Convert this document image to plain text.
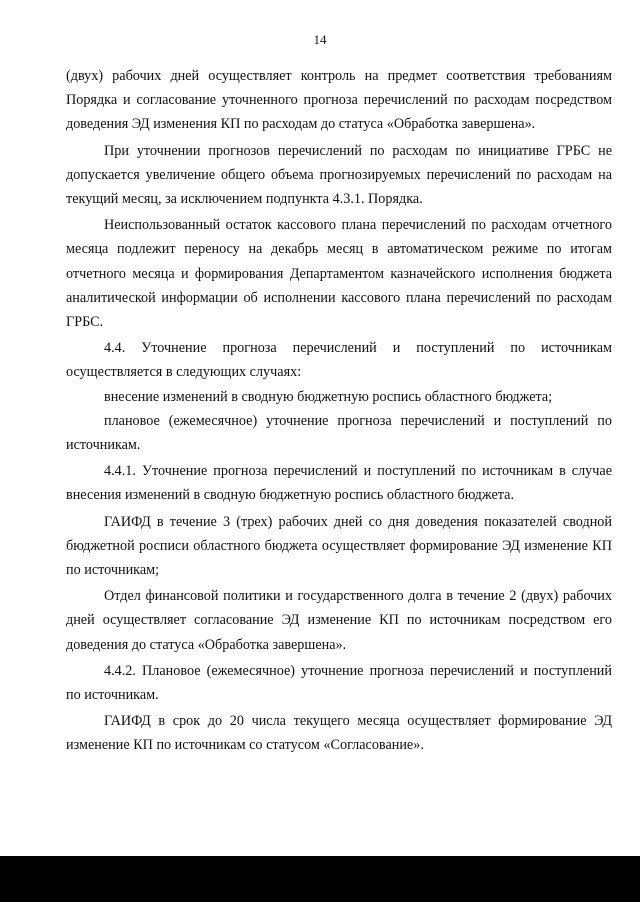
14

(двух) рабочих дней осуществляет контроль на предмет соответствия требованиям Порядка и согласование уточненного прогноза перечислений по расходам посредством доведения ЭД изменения КП по расходам до статуса «Обработка завершена».

При уточнении прогнозов перечислений по расходам по инициативе ГРБС не допускается увеличение общего объема прогнозируемых перечислений по расходам на текущий месяц, за исключением подпункта 4.3.1. Порядка.

Неиспользованный остаток кассового плана перечислений по расходам отчетного месяца подлежит переносу на декабрь месяц в автоматическом режиме по итогам отчетного месяца и формирования Департаментом казначейского исполнения бюджета аналитической информации об исполнении кассового плана перечислений по расходам ГРБС.

4.4. Уточнение прогноза перечислений и поступлений по источникам осуществляется в следующих случаях:

внесение изменений в сводную бюджетную роспись областного бюджета;

плановое (ежемесячное) уточнение прогноза перечислений и поступлений по источникам.

4.4.1. Уточнение прогноза перечислений и поступлений по источникам в случае внесения изменений в сводную бюджетную роспись областного бюджета.

ГАИФД в течение 3 (трех) рабочих дней со дня доведения показателей сводной бюджетной росписи областного бюджета осуществляет формирование ЭД изменение КП по источникам;

Отдел финансовой политики и государственного долга в течение 2 (двух) рабочих дней осуществляет согласование ЭД изменение КП по источникам посредством его доведения до статуса «Обработка завершена».

4.4.2. Плановое (ежемесячное) уточнение прогноза перечислений и поступлений по источникам.

ГАИФД в срок до 20 числа текущего месяца осуществляет формирование ЭД изменение КП по источникам со статусом «Согласование».
